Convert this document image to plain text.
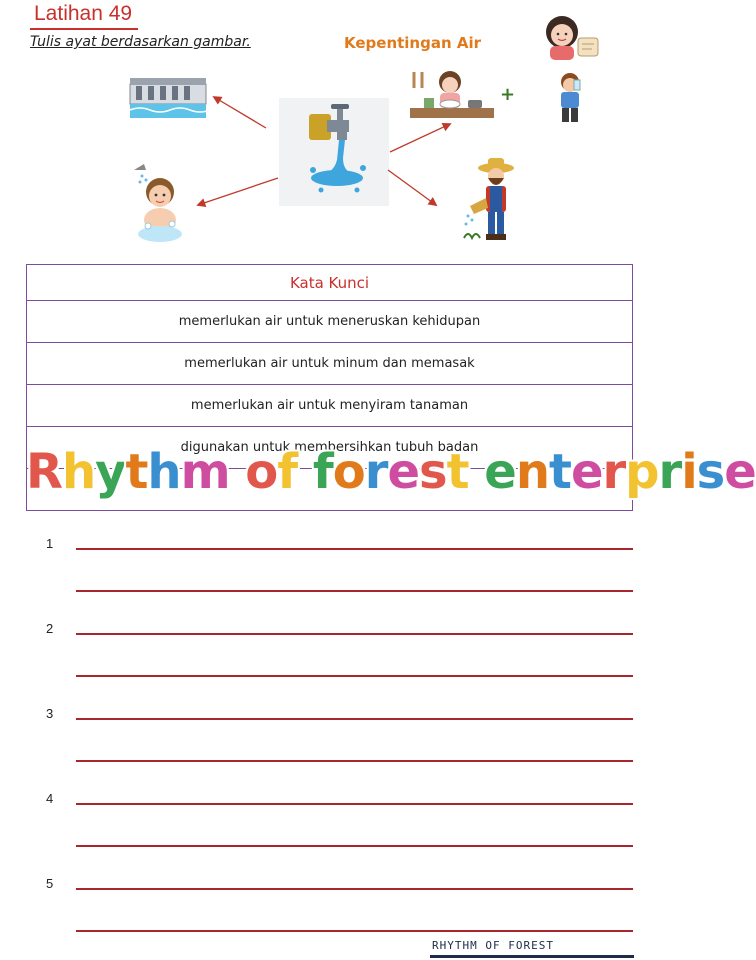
Latihan 49
Tulis ayat berdasarkan gambar.	Kepentingan Air
+
Kata Kunci
memerlukan air untuk meneruskan kehidupan
memerlukan air untuk minum dan memasak
memerlukan air untuk menyiram tanaman
digunakan untuk membersihkan tubuh badan

Rhythm of forest enterprise
1
2
3
4
5
RHYTHM OF FOREST
